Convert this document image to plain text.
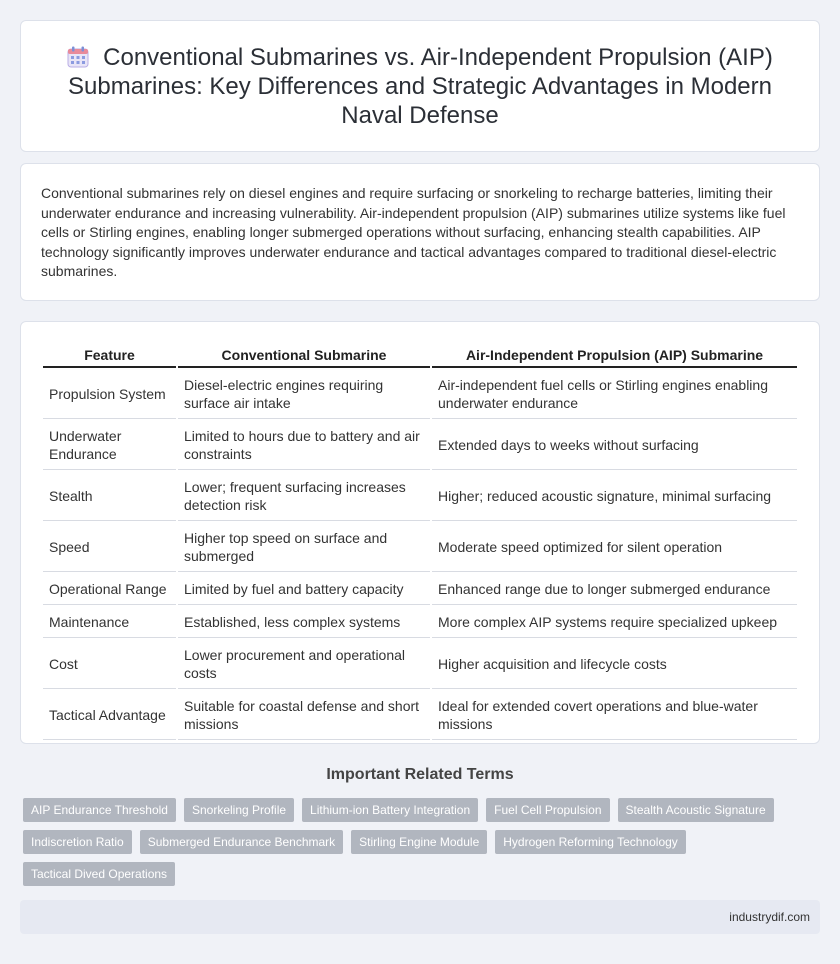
Conventional Submarines vs. Air-Independent Propulsion (AIP) Submarines: Key Differences and Strategic Advantages in Modern Naval Defense

Conventional submarines rely on diesel engines and require surfacing or snorkeling to recharge batteries, limiting their underwater endurance and increasing vulnerability. Air-independent propulsion (AIP) submarines utilize systems like fuel cells or Stirling engines, enabling longer submerged operations without surfacing, enhancing stealth capabilities. AIP technology significantly improves underwater endurance and tactical advantages compared to traditional diesel-electric submarines.

Feature	Conventional Submarine	Air-Independent Propulsion (AIP) Submarine
Propulsion System	Diesel-electric engines requiring surface air intake	Air-independent fuel cells or Stirling engines enabling underwater endurance
Underwater Endurance	Limited to hours due to battery and air constraints	Extended days to weeks without surfacing
Stealth	Lower; frequent surfacing increases detection risk	Higher; reduced acoustic signature, minimal surfacing
Speed	Higher top speed on surface and submerged	Moderate speed optimized for silent operation
Operational Range	Limited by fuel and battery capacity	Enhanced range due to longer submerged endurance
Maintenance	Established, less complex systems	More complex AIP systems require specialized upkeep
Cost	Lower procurement and operational costs	Higher acquisition and lifecycle costs
Tactical Advantage	Suitable for coastal defense and short missions	Ideal for extended covert operations and blue-water missions
Important Related Terms
AIP Endurance Threshold	Snorkeling Profile	Lithium-ion Battery Integration	Fuel Cell Propulsion	Stealth Acoustic Signature
Indiscretion Ratio	Submerged Endurance Benchmark	Stirling Engine Module	Hydrogen Reforming Technology
Tactical Dived Operations
industrydif.com
